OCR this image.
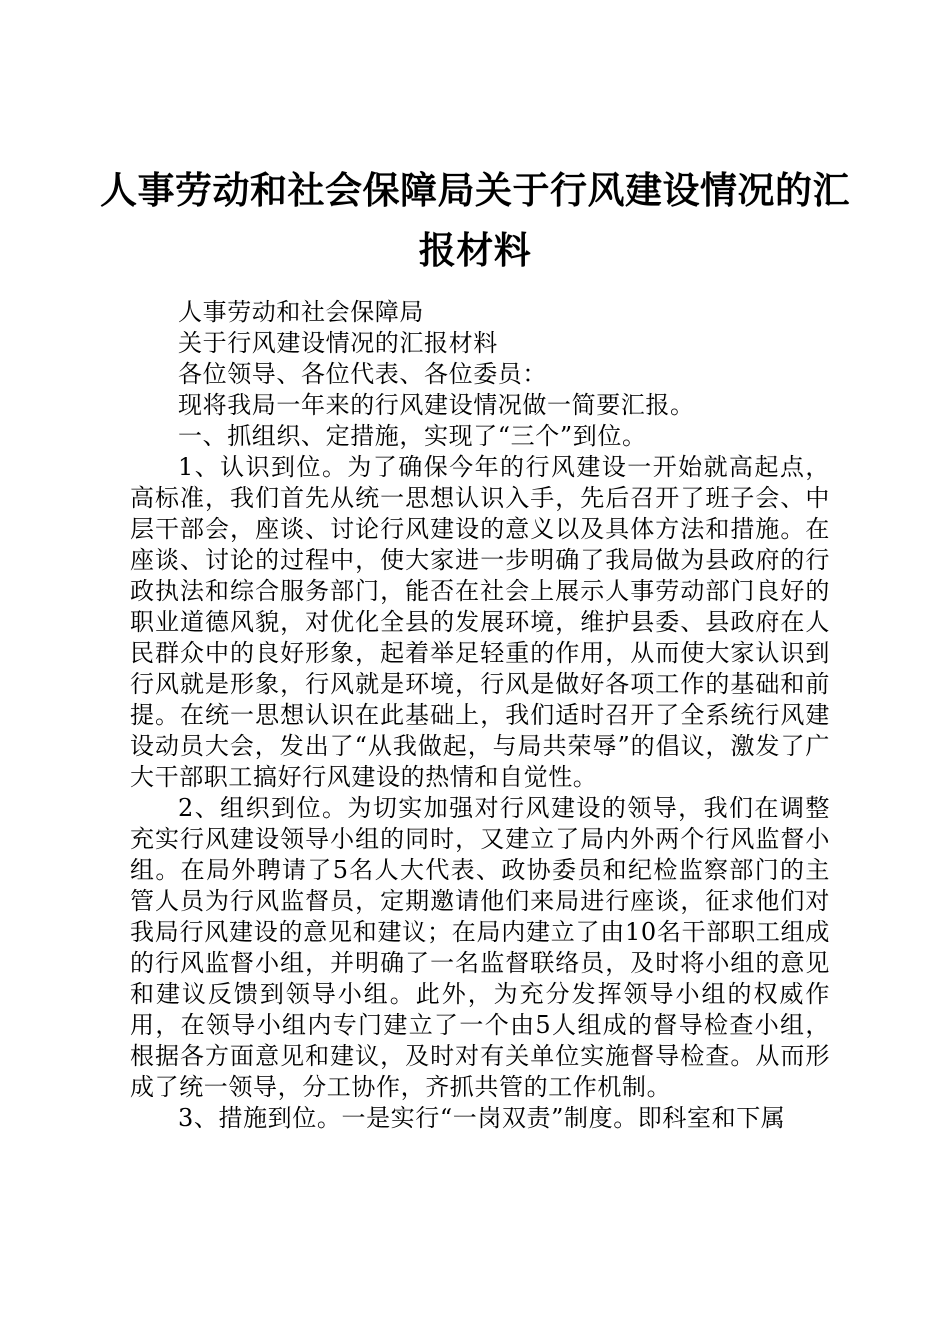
人事劳动和社会保障局关于行风建设情况的汇报材料

人事劳动和社会保障局

关于行风建设情况的汇报材料

各位领导、各位代表、各位委员：

现将我局一年来的行风建设情况做一简要汇报。

一、抓组织、定措施，实现了“三个”到位。

1、认识到位。为了确保今年的行风建设一开始就高起点，高标准，我们首先从统一思想认识入手，先后召开了班子会、中层干部会，座谈、讨论行风建设的意义以及具体方法和措施。在座谈、讨论的过程中，使大家进一步明确了我局做为县政府的行政执法和综合服务部门，能否在社会上展示人事劳动部门良好的职业道德风貌，对优化全县的发展环境，维护县委、县政府在人民群众中的良好形象，起着举足轻重的作用，从而使大家认识到行风就是形象，行风就是环境，行风是做好各项工作的基础和前提。在统一思想认识在此基础上，我们适时召开了全系统行风建设动员大会，发出了“从我做起，与局共荣辱”的倡议，激发了广大干部职工搞好行风建设的热情和自觉性。

2、组织到位。为切实加强对行风建设的领导，我们在调整充实行风建设领导小组的同时，又建立了局内外两个行风监督小组。在局外聘请了5名人大代表、政协委员和纪检监察部门的主管人员为行风监督员，定期邀请他们来局进行座谈，征求他们对我局行风建设的意见和建议；在局内建立了由10名干部职工组成的行风监督小组，并明确了一名监督联络员，及时将小组的意见和建议反馈到领导小组。此外，为充分发挥领导小组的权威作用，在领导小组内专门建立了一个由5人组成的督导检查小组，根据各方面意见和建议，及时对有关单位实施督导检查。从而形成了统一领导，分工协作，齐抓共管的工作机制。

3、措施到位。一是实行“一岗双责”制度。即科室和下属
